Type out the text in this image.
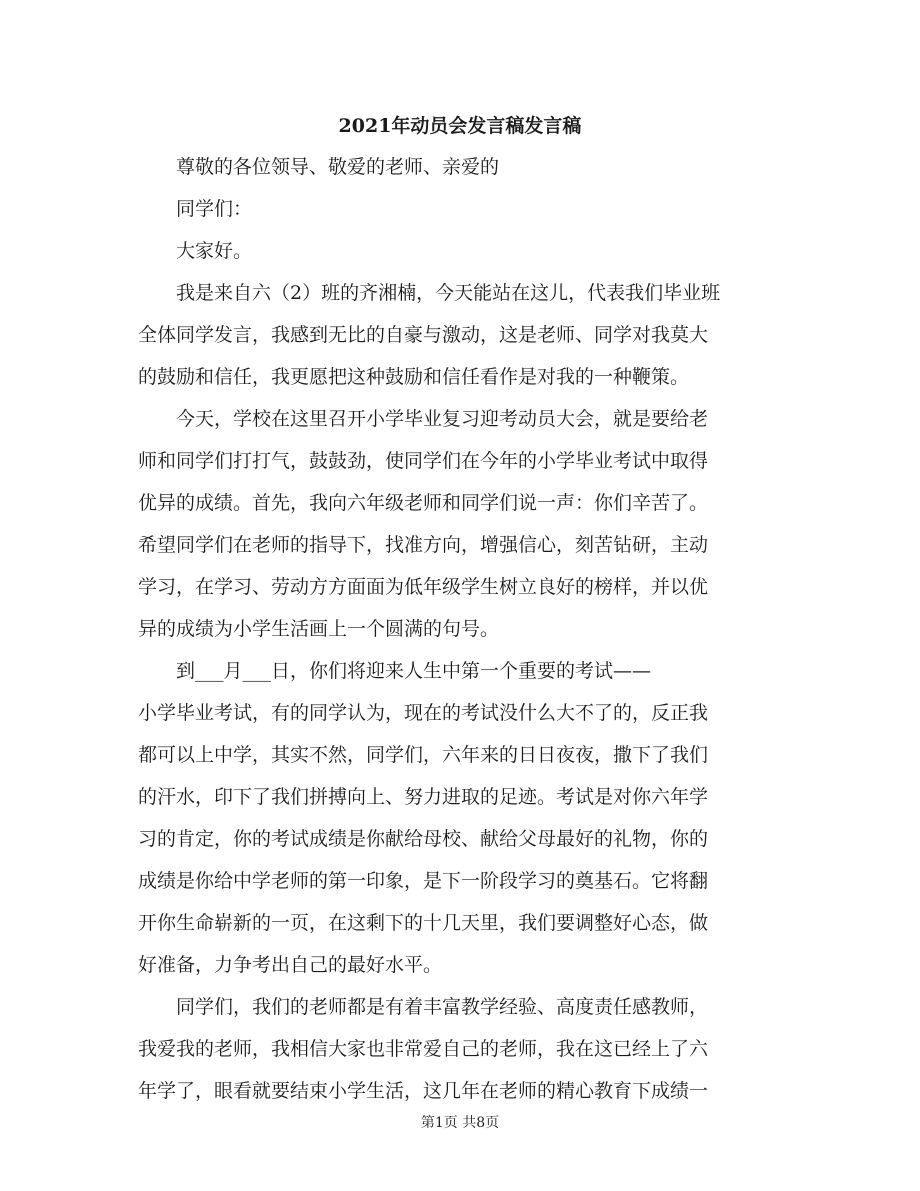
2021年动员会发言稿发言稿
尊敬的各位领导、敬爱的老师、亲爱的
同学们：
大家好。
我是来自六（2）班的齐湘楠，今天能站在这儿，代表我们毕业班
全体同学发言，我感到无比的自豪与激动，这是老师、同学对我莫大
的鼓励和信任，我更愿把这种鼓励和信任看作是对我的一种鞭策。
今天，学校在这里召开小学毕业复习迎考动员大会，就是要给老
师和同学们打打气，鼓鼓劲，使同学们在今年的小学毕业考试中取得
优异的成绩。首先，我向六年级老师和同学们说一声：你们辛苦了。
希望同学们在老师的指导下，找准方向，增强信心，刻苦钻研，主动
学习，在学习、劳动方方面面为低年级学生树立良好的榜样，并以优
异的成绩为小学生活画上一个圆满的句号。
到___月___日，你们将迎来人生中第一个重要的考试——
小学毕业考试，有的同学认为，现在的考试没什么大不了的，反正我
都可以上中学，其实不然，同学们，六年来的日日夜夜，撒下了我们
的汗水，印下了我们拼搏向上、努力进取的足迹。考试是对你六年学
习的肯定，你的考试成绩是你献给母校、献给父母最好的礼物，你的
成绩是你给中学老师的第一印象，是下一阶段学习的奠基石。它将翻
开你生命崭新的一页，在这剩下的十几天里，我们要调整好心态，做
好准备，力争考出自己的最好水平。
同学们，我们的老师都是有着丰富教学经验、高度责任感教师，
我爱我的老师，我相信大家也非常爱自己的老师，我在这已经上了六
年学了，眼看就要结束小学生活，这几年在老师的精心教育下成绩一
第1页 共8页
